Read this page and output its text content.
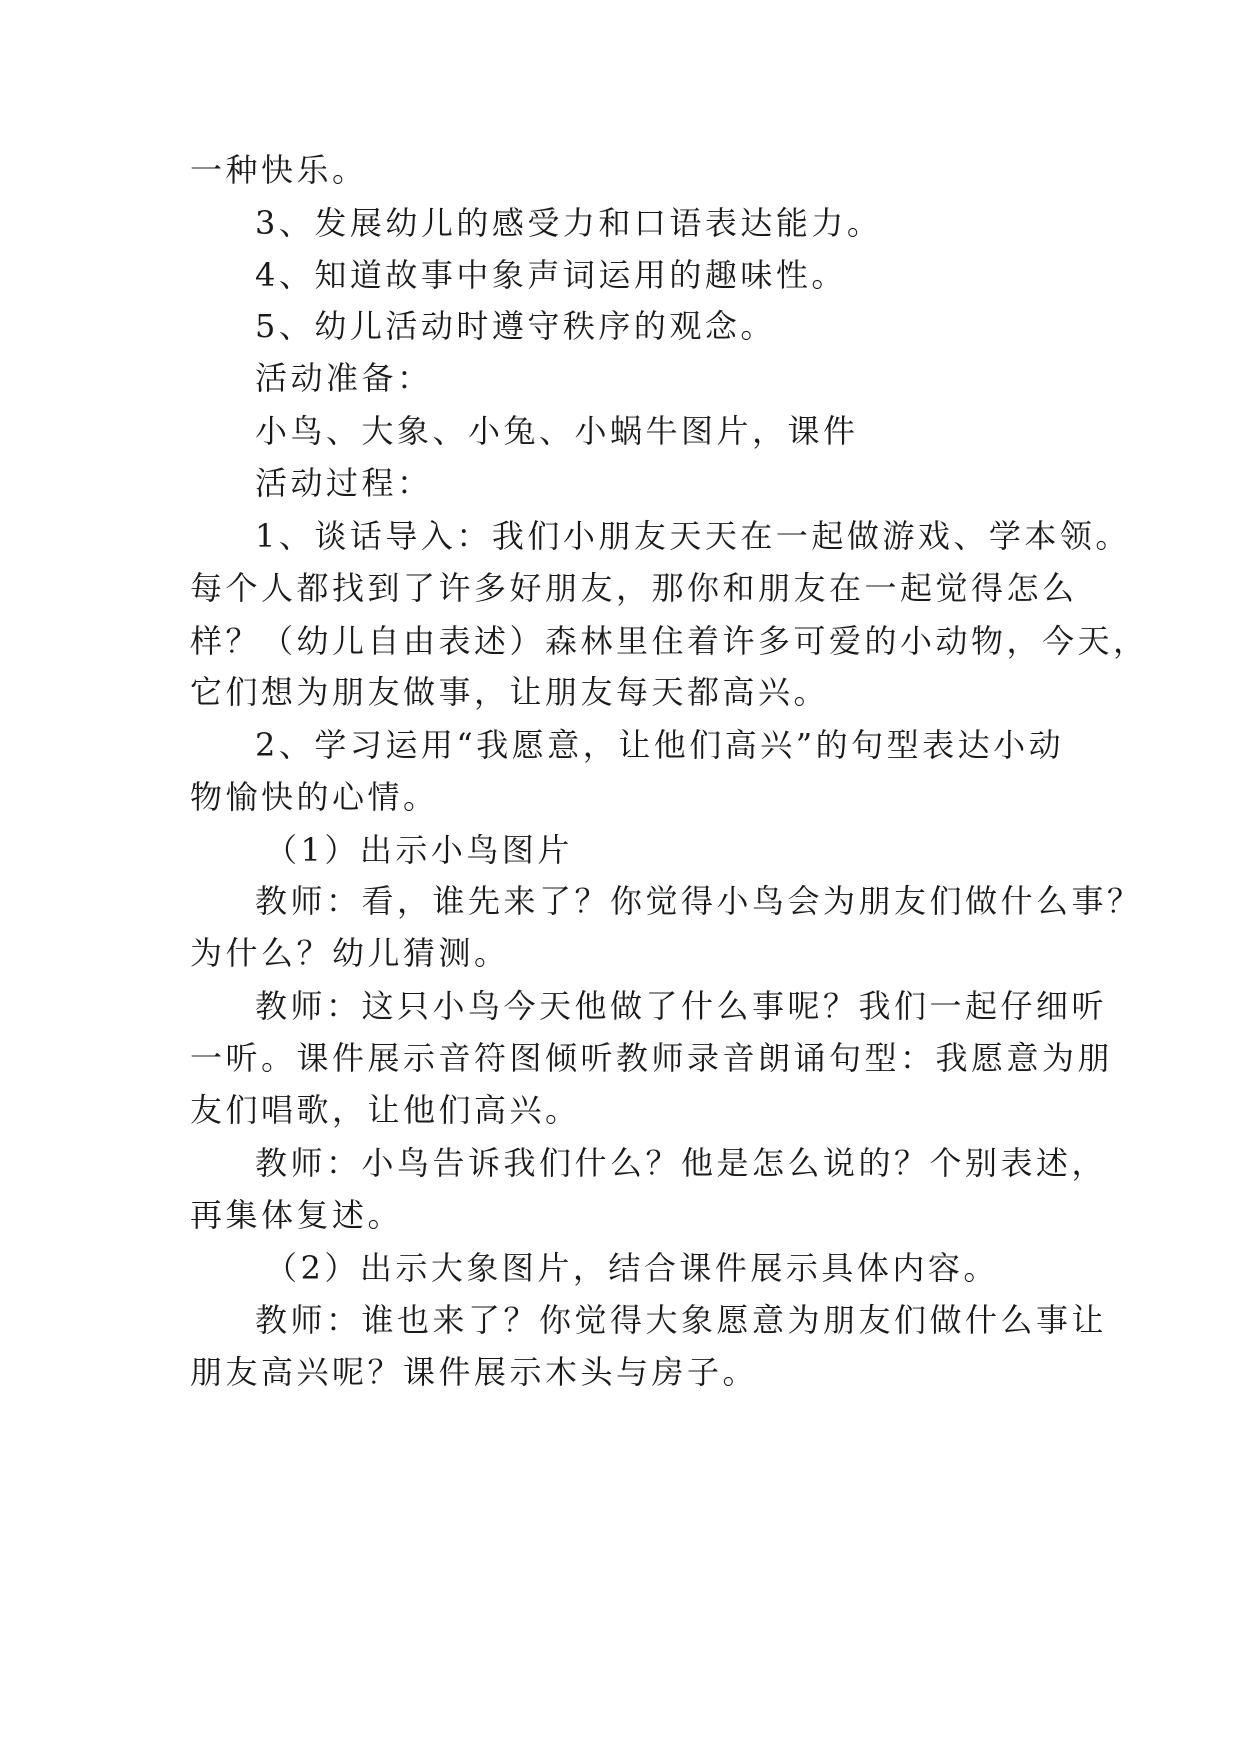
一种快乐。
3、发展幼儿的感受力和口语表达能力。
4、知道故事中象声词运用的趣味性。
5、幼儿活动时遵守秩序的观念。
活动准备：
小鸟、大象、小兔、小蜗牛图片，课件
活动过程：
1、谈话导入：我们小朋友天天在一起做游戏、学本领。
每个人都找到了许多好朋友，那你和朋友在一起觉得怎么
样？（幼儿自由表述）森林里住着许多可爱的小动物，今天，
它们想为朋友做事，让朋友每天都高兴。
2、学习运用“我愿意，让他们高兴”的句型表达小动
物愉快的心情。
（1）出示小鸟图片
教师：看，谁先来了？你觉得小鸟会为朋友们做什么事？
为什么？幼儿猜测。
教师：这只小鸟今天他做了什么事呢？我们一起仔细听
一听。课件展示音符图倾听教师录音朗诵句型：我愿意为朋
友们唱歌，让他们高兴。
教师：小鸟告诉我们什么？他是怎么说的？个别表述，
再集体复述。
（2）出示大象图片，结合课件展示具体内容。
教师：谁也来了？你觉得大象愿意为朋友们做什么事让
朋友高兴呢？课件展示木头与房子。
